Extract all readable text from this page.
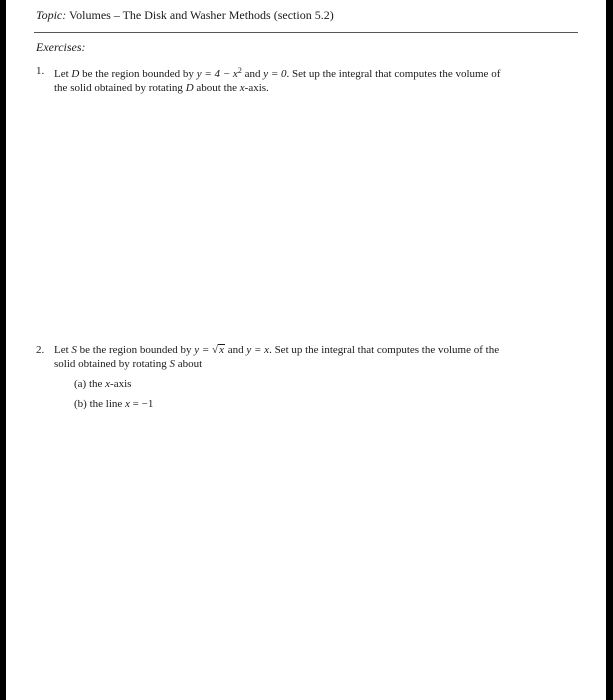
Topic: Volumes – The Disk and Washer Methods (section 5.2)
Exercises:
1. Let D be the region bounded by $y = 4 - x^2$ and y = 0. Set up the integral that computes the volume of
the solid obtained by rotating D about the x-axis.
2. Let S be the region bounded by y = √x and y = x. Set up the integral that computes the volume of the
solid obtained by rotating S about
(a) the x-axis
(b) the line x = −1
